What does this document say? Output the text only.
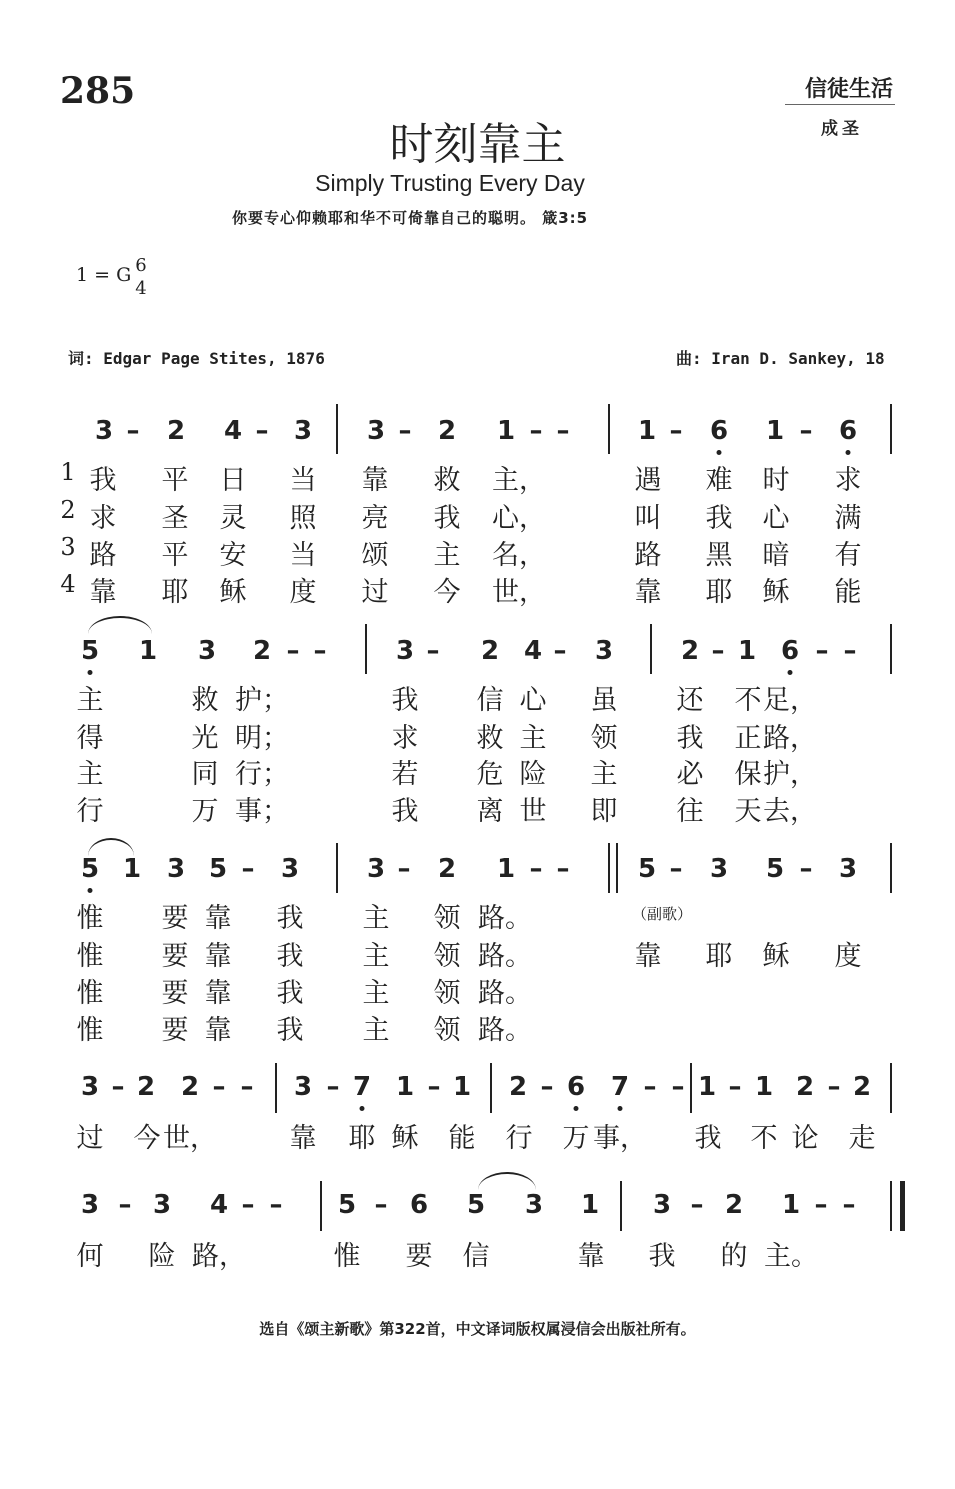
285	信徒生活
成圣
时刻靠主
Simply Trusting Every Day
你要专心仰赖耶和华不可倚靠自己的聪明。 箴3:5
1 = G 6
4
词: Edgar Page Stites, 1876	曲: Iran D. Sankey, 18
3 – 2 4 – 3 3 – 2 1 – –	1 – 6 1 – 6
1 我 平 日 当 靠 救 主，	遇 难 时 求
2 求 圣 灵 照 亮 我 心，	叫 我 心 满
3 路 平 安 当 颂 主 名，	路 黑 暗 有
4 靠 耶 稣 度 过 今 世，	靠 耶 稣 能
5 1 3 2 – –	3 – 2 4 – 3	2 – 1 6 – –
主	救 护；	我 信 心 虽 还 不 足，
得	光 明；	求 救 主 领 我 正 路，
主	同 行；	若 危 险 主 必 保 护，
行	万 事；	我 离 世 即 往 天 去，
5 1 3 5 – 3	3 – 2 1 – –	5 – 3 5 – 3
惟 要 靠 我 主 领 路。
惟 要 靠 我 主 领 路。	靠 耶 稣 度
惟 要 靠 我 主 领 路。
惟 要 靠 我 主 领 路。
（副歌）
3 – 2 2 – – 3 – 7 1 – 1 2 – 6 7 – – 1 – 1 2 – 2
过 今 世，	靠 耶 稣 能 行 万 事， 我 不 论 走
3 – 3 4 – – 5 – 6 5 3 1 3 – 2 1 – –
何 险 路，	惟 要 信	靠 我 的 主。
选自《颂主新歌》第322首，中文译词版权属浸信会出版社所有。
